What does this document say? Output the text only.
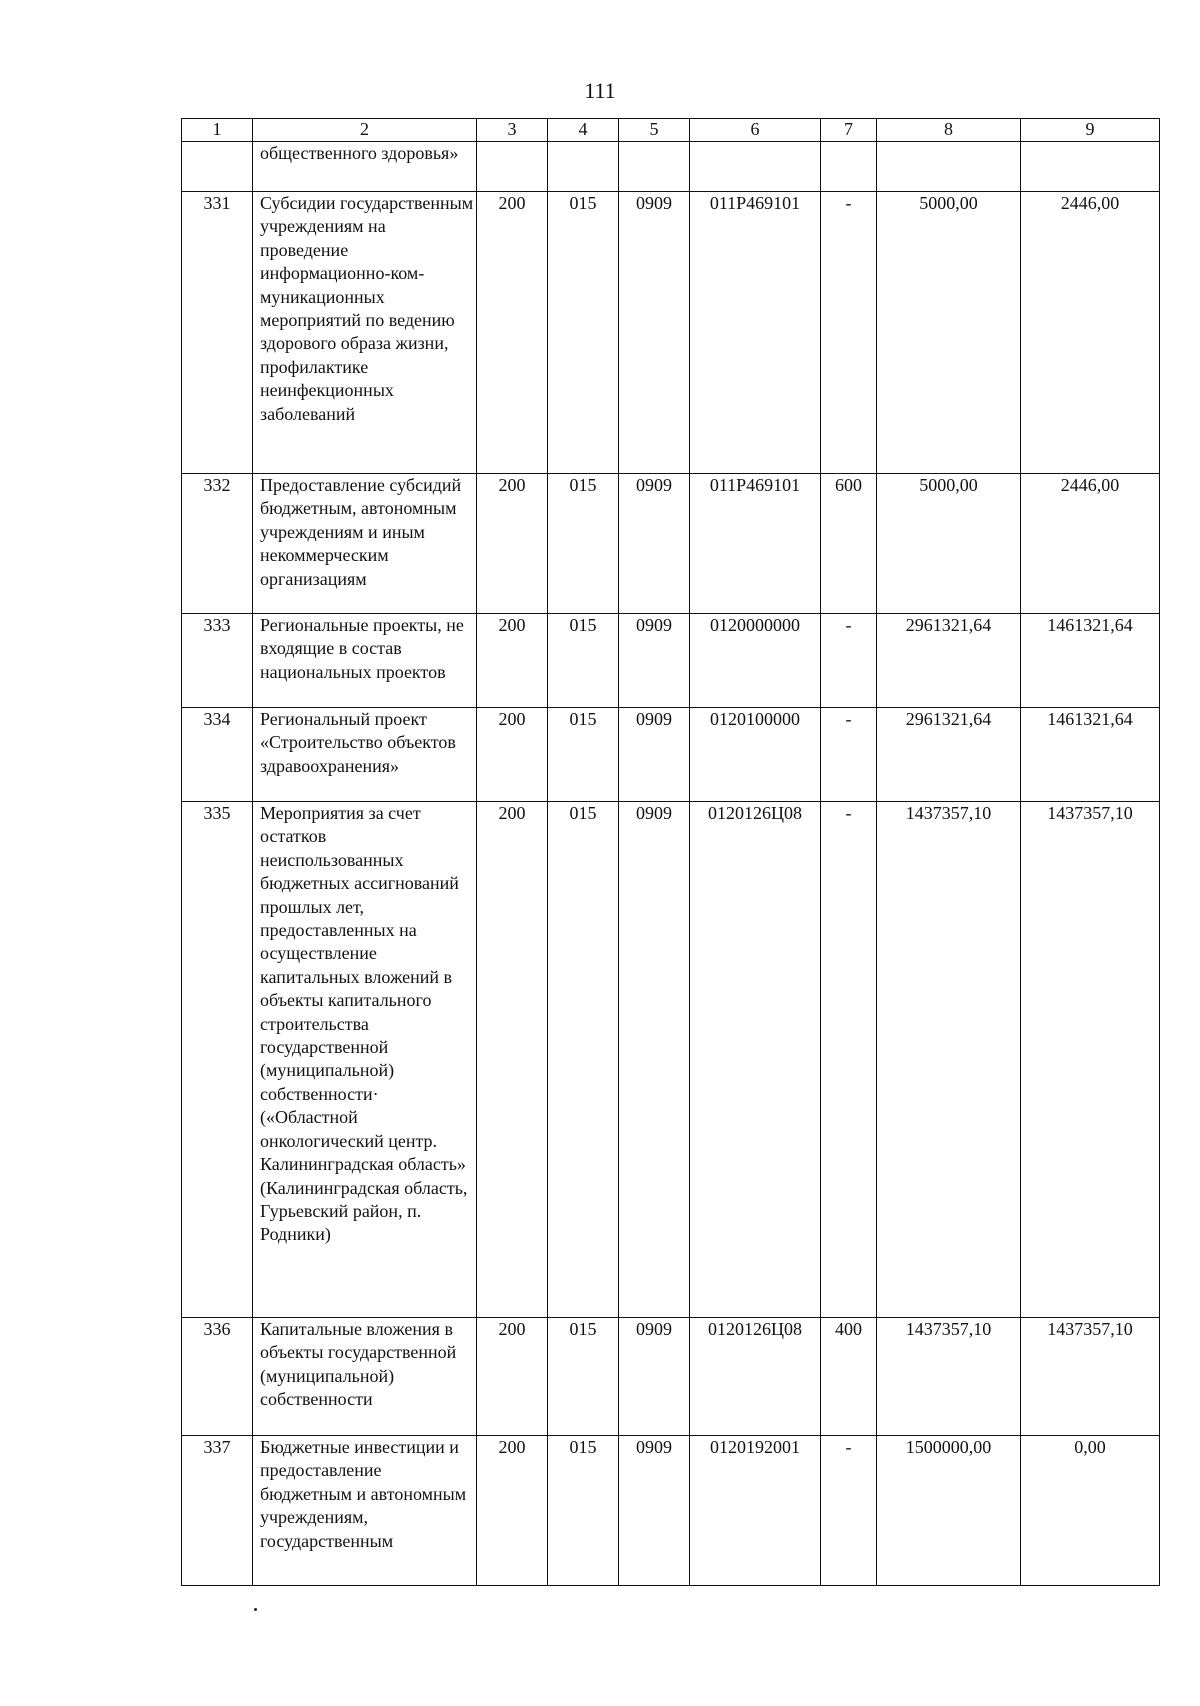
111
1	2	3	4	5	6	7	8	9
	общественного здоровья»							
331	Субсидии государственным учреждениям на проведение информационно-ком-муникационных мероприятий по ведению здорового образа жизни, профилактике неинфекционных заболеваний	200	015	0909	011P469101	-	5000,00	2446,00
332	Предоставление субсидий бюджетным, автономным учреждениям и иным некоммерческим организациям	200	015	0909	011P469101	600	5000,00	2446,00
333	Региональные проекты, не входящие в состав национальных проектов	200	015	0909	0120000000	-	2961321,64	1461321,64
334	Региональный проект «Строительство объектов здравоохранения»	200	015	0909	0120100000	-	2961321,64	1461321,64
335	Мероприятия за счет остатков неиспользованных бюджетных ассигнований прошлых лет, предоставленных на осуществление капитальных вложений в объекты капитального строительства государственной (муниципальной) собственности· («Областной онкологический центр. Калининградская область» (Калининградская область, Гурьевский район, п. Родники)	200	015	0909	0120126Ц08	-	1437357,10	1437357,10
336	Капитальные вложения в объекты государственной (муниципальной) собственности	200	015	0909	0120126Ц08	400	1437357,10	1437357,10
337	Бюджетные инвестиции и предоставление бюджетным и автономным учреждениям, государственным	200	015	0909	0120192001	-	1500000,00	0,00
